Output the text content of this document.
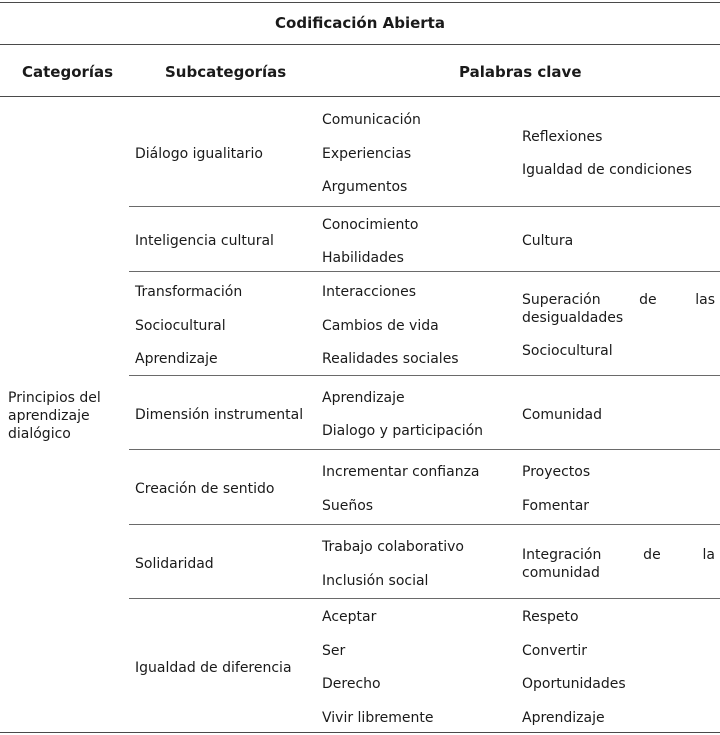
Codificación Abierta
Categorías	Subcategorías	Palabras clave
Principios del aprendizaje dialógico
Diálogo igualitario
Comunicación
Experiencias
Argumentos
Reflexiones
Igualdad de condiciones
Inteligencia cultural
Conocimiento
Habilidades
Cultura
Transformación
Sociocultural
Aprendizaje
Interacciones
Cambios de vida
Realidades sociales
Superación de las
desigualdades
Sociocultural
Dimensión instrumental
Aprendizaje
Dialogo y participación
Comunidad
Creación de sentido
Incrementar confianza
Sueños
Proyectos
Fomentar
Solidaridad
Trabajo colaborativo
Inclusión social
Integración de la
comunidad
Igualdad de diferencia
Aceptar
Ser
Derecho
Vivir libremente
Respeto
Convertir
Oportunidades
Aprendizaje
